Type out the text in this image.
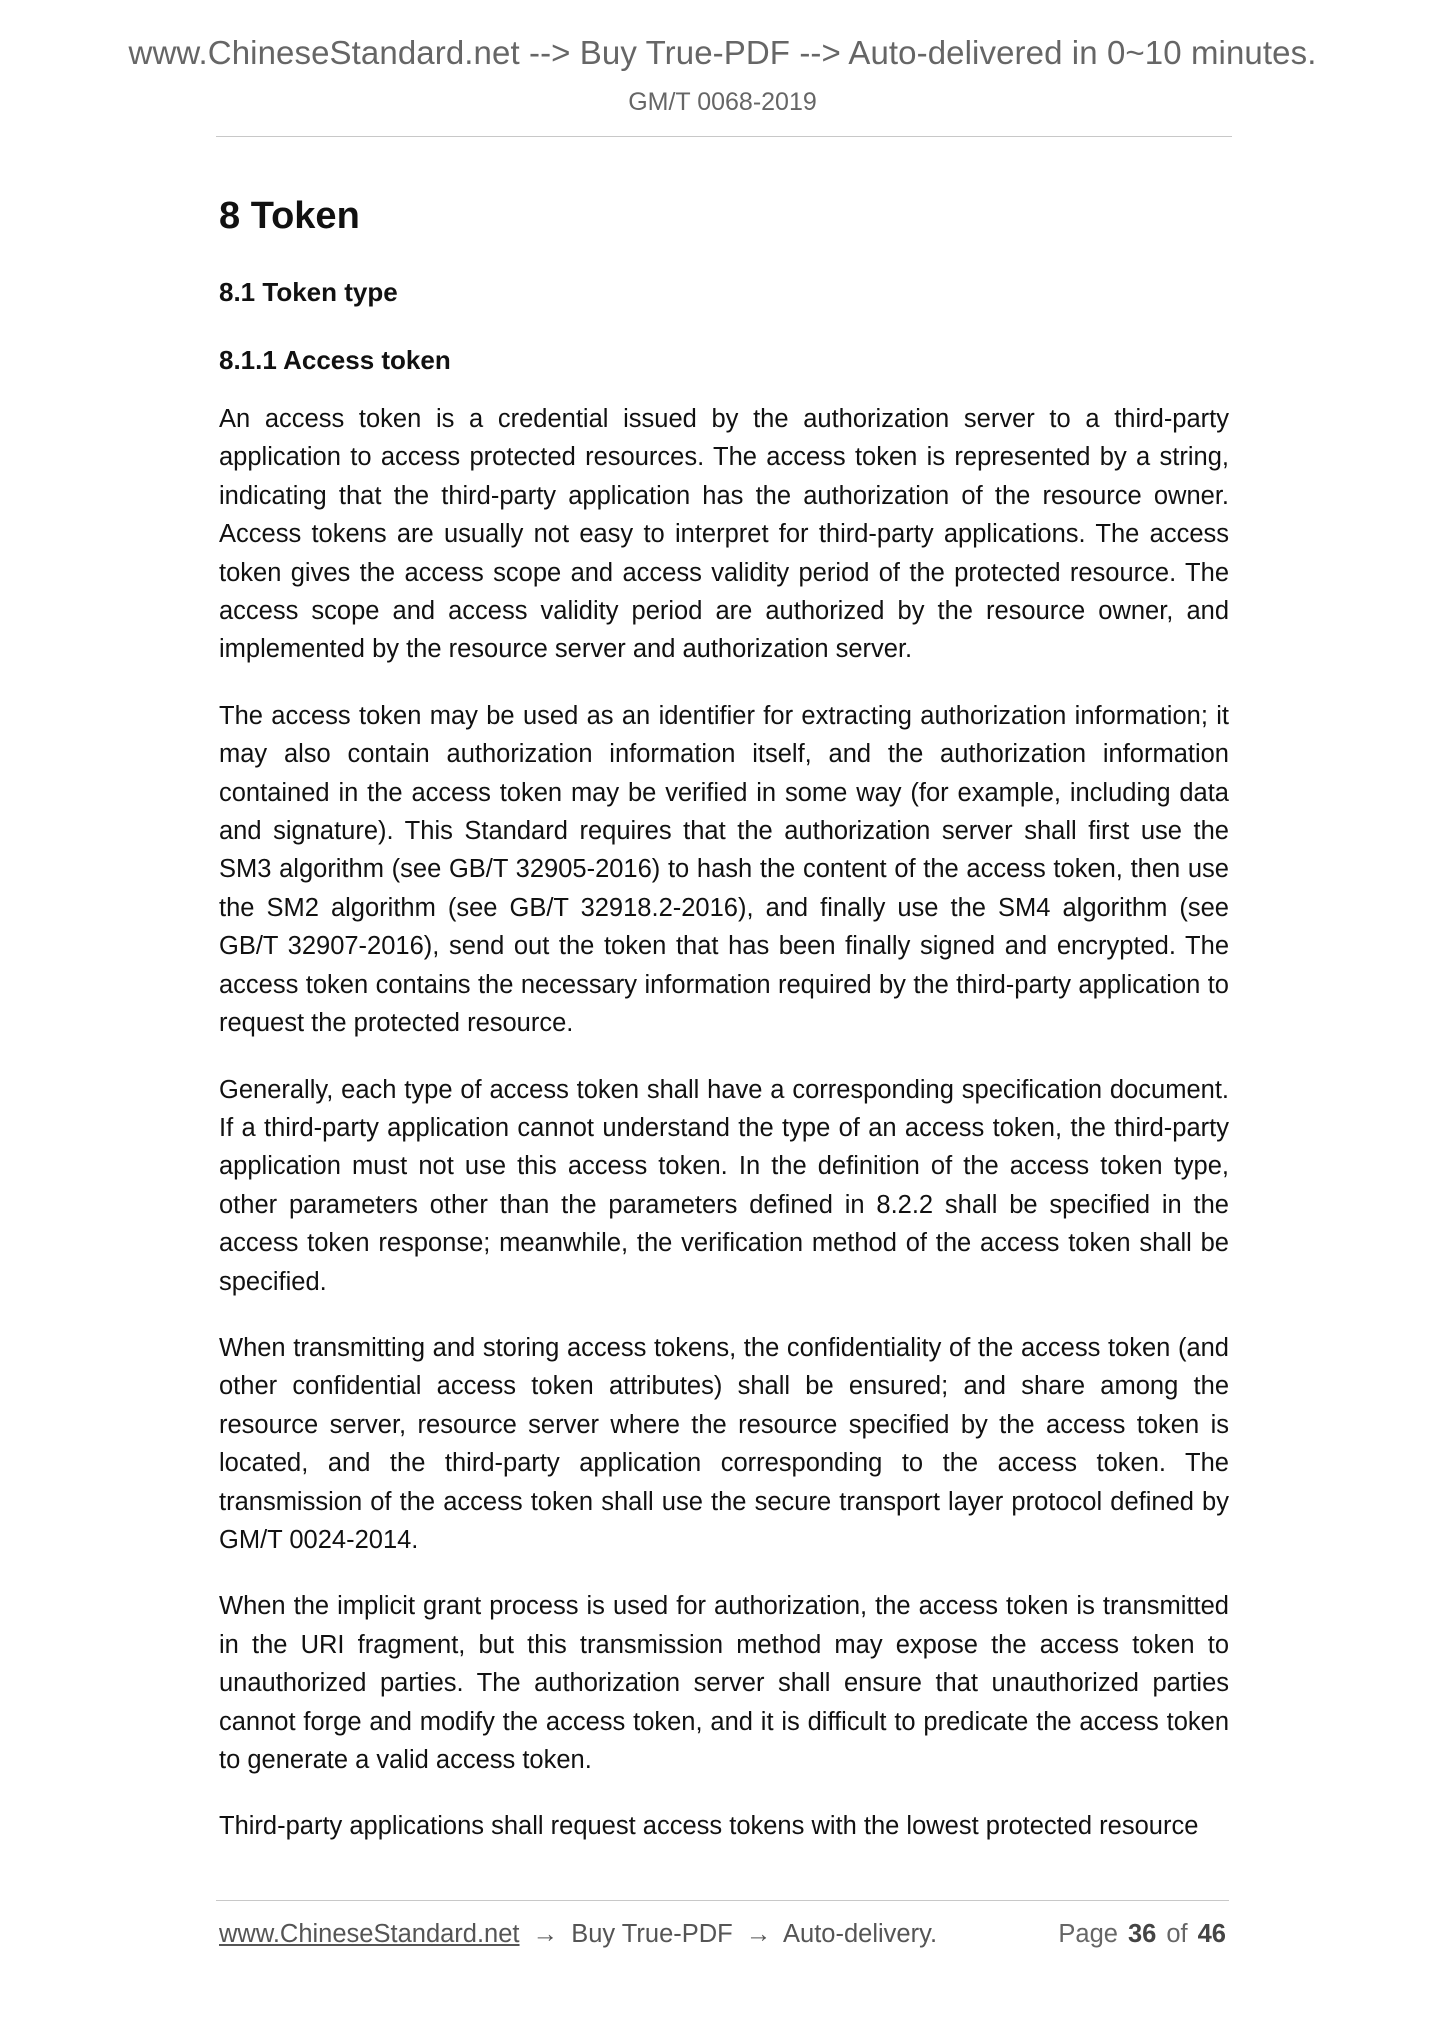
www.ChineseStandard.net --> Buy True-PDF --> Auto-delivered in 0~10 minutes.
GM/T 0068-2019
8 Token
8.1 Token type
8.1.1 Access token

An access token is a credential issued by the authorization server to a third-party application to access protected resources. The access token is represented by a string, indicating that the third-party application has the authorization of the resource owner. Access tokens are usually not easy to interpret for third-party applications. The access token gives the access scope and access validity period of the protected resource. The access scope and access validity period are authorized by the resource owner, and implemented by the resource server and authorization server.

The access token may be used as an identifier for extracting authorization information; it may also contain authorization information itself, and the authorization information contained in the access token may be verified in some way (for example, including data and signature). This Standard requires that the authorization server shall first use the SM3 algorithm (see GB/T 32905-2016) to hash the content of the access token, then use the SM2 algorithm (see GB/T 32918.2-2016), and finally use the SM4 algorithm (see GB/T 32907-2016), send out the token that has been finally signed and encrypted. The access token contains the necessary information required by the third-party application to request the protected resource.

Generally, each type of access token shall have a corresponding specification document. If a third-party application cannot understand the type of an access token, the third-party application must not use this access token. In the definition of the access token type, other parameters other than the parameters defined in 8.2.2 shall be specified in the access token response; meanwhile, the verification method of the access token shall be specified.

When transmitting and storing access tokens, the confidentiality of the access token (and other confidential access token attributes) shall be ensured; and share among the resource server, resource server where the resource specified by the access token is located, and the third-party application corresponding to the access token. The transmission of the access token shall use the secure transport layer protocol defined by GM/T 0024-2014.

When the implicit grant process is used for authorization, the access token is transmitted in the URI fragment, but this transmission method may expose the access token to unauthorized parties. The authorization server shall ensure that unauthorized parties cannot forge and modify the access token, and it is difficult to predicate the access token to generate a valid access token.

Third-party applications shall request access tokens with the lowest protected resource

www.ChineseStandard.net → Buy True-PDF → Auto-delivery.	Page 36 of 46
